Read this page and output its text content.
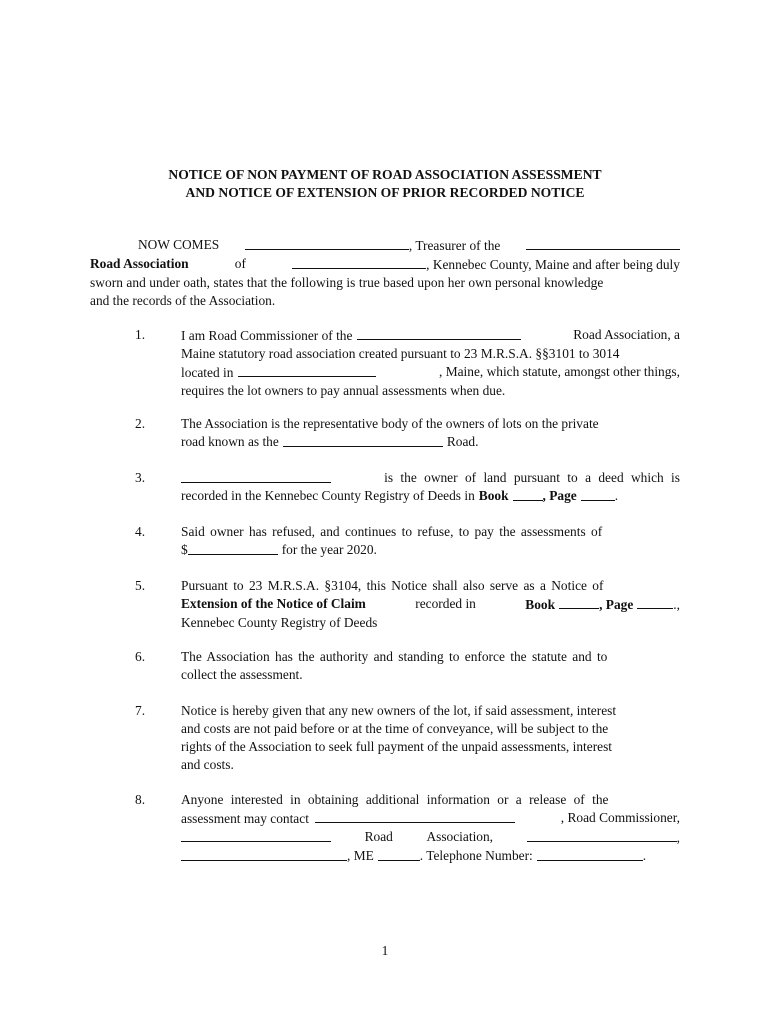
NOTICE OF NON PAYMENT OF ROAD ASSOCIATION ASSESSMENT
AND NOTICE OF EXTENSION OF PRIOR RECORDED NOTICE
NOW COMES	, Treasurer of the
Road Association	of	, Kennebec County, Maine and after being duly
sworn and under oath, states that the following is true based upon her own personal knowledge
and the records of the Association.
1.	I am Road Commissioner of the	Road Association, a
Maine statutory road association created pursuant to 23 M.R.S.A. §§3101 to 3014
located in	, Maine, which statute, amongst other things,
requires the lot owners to pay annual assessments when due.
2.	The Association is the representative body of the owners of lots on the private
road known as the	Road.
3.	is the owner of land pursuant to a deed which is
recorded in the Kennebec County Registry of Deeds in Book	, Page	.
4.	Said owner has refused, and continues to refuse, to pay the assessments of
$	for the year 2020.
5.	Pursuant to 23 M.R.S.A. §3104, this Notice shall also serve as a Notice of
Extension of the Notice of Claim	recorded in	Book	, Page	.,
Kennebec County Registry of Deeds
6.	The Association has the authority and standing to enforce the statute and to
collect the assessment.
7.	Notice is hereby given that any new owners of the lot, if said assessment, interest
and costs are not paid before or at the time of conveyance, will be subject to the
rights of the Association to seek full payment of the unpaid assessments, interest
and costs.
8.	Anyone interested in obtaining additional information or a release of the
assessment may contact	, Road Commissioner,
Road	Association,	,
, ME	. Telephone Number:	.
1
